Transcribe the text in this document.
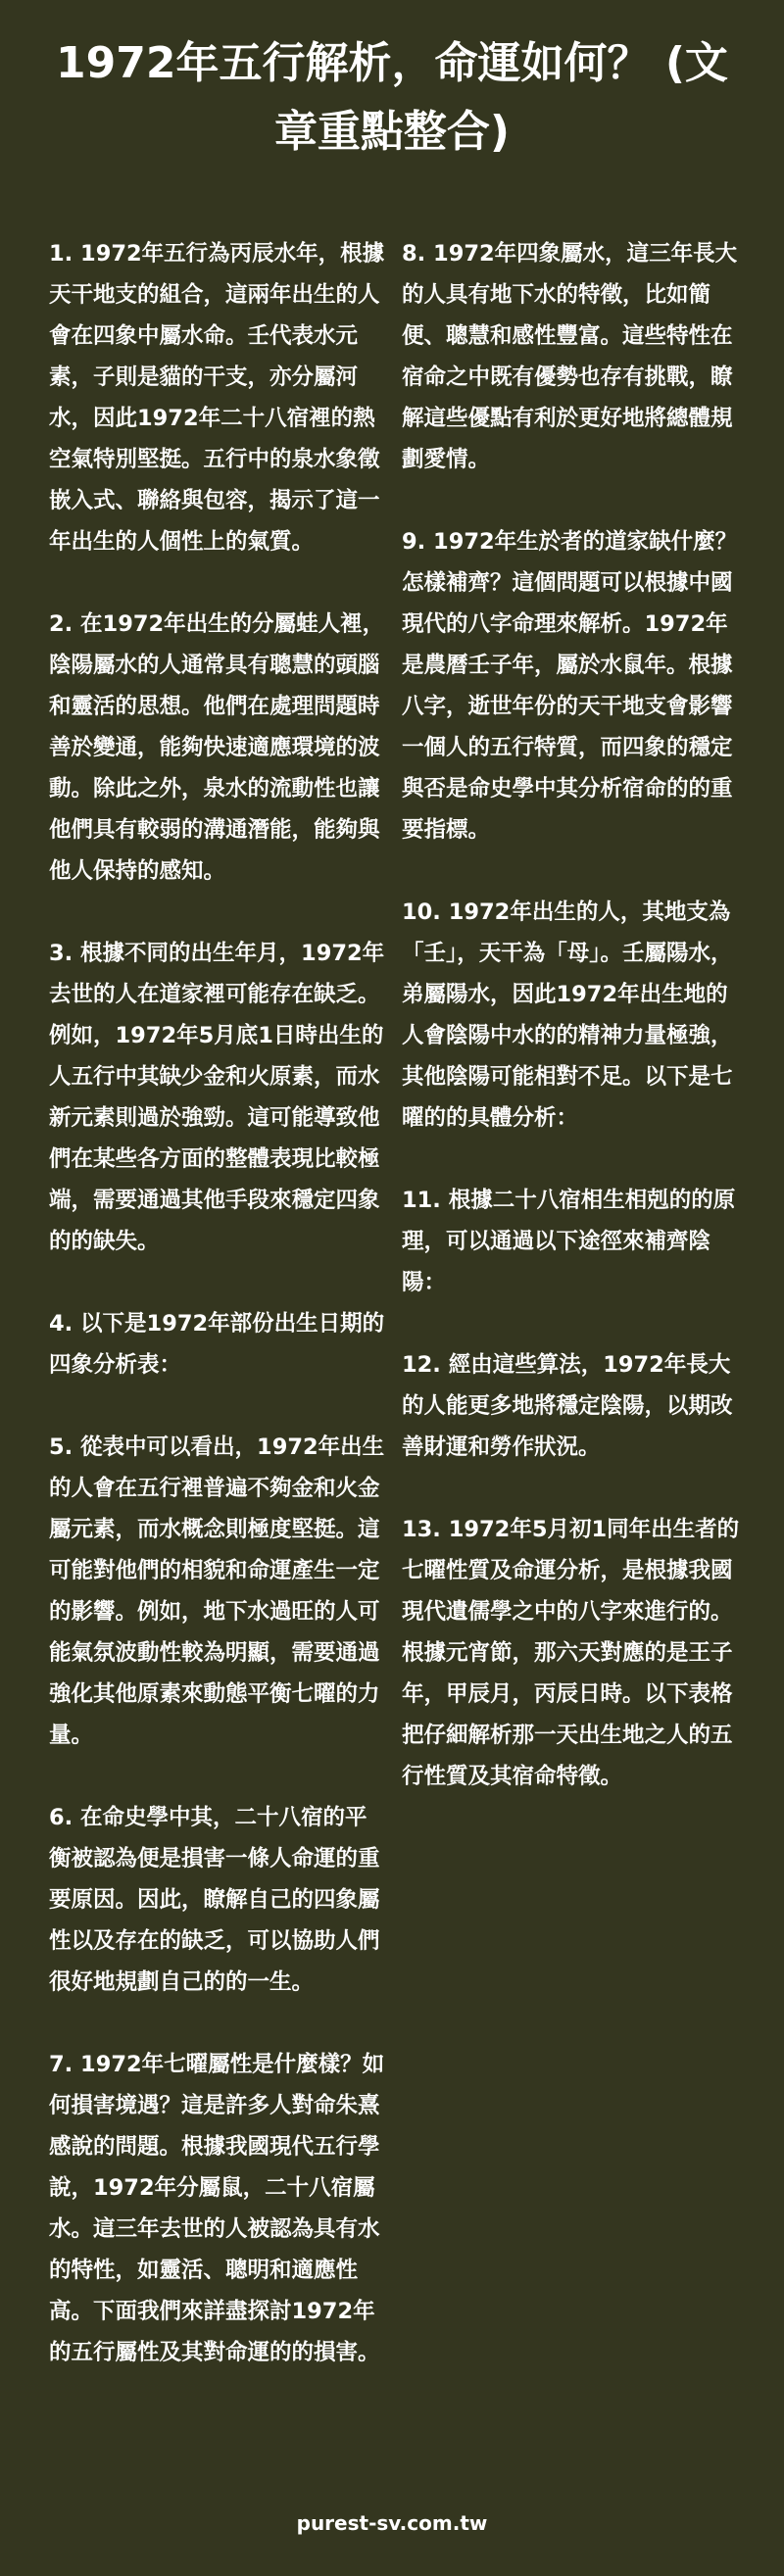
1972年五行解析，命運如何？ (文章重點整合)

1. 1972年五行為丙辰水年，根據天干地支的組合，這兩年出生的人會在四象中屬水命。壬代表水元素，子則是貓的干支，亦分屬河水，因此1972年二十八宿裡的熱空氣特別堅挺。五行中的泉水象徵嵌入式、聯絡與包容，揭示了這一年出生的人個性上的氣質。

2. 在1972年出生的分屬蛙人裡，陰陽屬水的人通常具有聰慧的頭腦和靈活的思想。他們在處理問題時善於變通，能夠快速適應環境的波動。除此之外，泉水的流動性也讓他們具有較弱的溝通潛能，能夠與他人保持的感知。

3. 根據不同的出生年月，1972年去世的人在道家裡可能存在缺乏。例如，1972年5月底1日時出生的人五行中其缺少金和火原素，而水新元素則過於強勁。這可能導致他們在某些各方面的整體表現比較極端，需要通過其他手段來穩定四象的的缺失。

4. 以下是1972年部份出生日期的四象分析表：

5. 從表中可以看出，1972年出生的人會在五行裡普遍不夠金和火金屬元素，而水概念則極度堅挺。這可能對他們的相貌和命運產生一定的影響。例如，地下水過旺的人可能氣氛波動性較為明顯，需要通過強化其他原素來動態平衡七曜的力量。

6. 在命史學中其，二十八宿的平衡被認為便是損害一條人命運的重要原因。因此，瞭解自己的四象屬性以及存在的缺乏，可以協助人們很好地規劃自己的的一生。

7. 1972年七曜屬性是什麼樣？如何損害境遇？這是許多人對命朱熹感說的問題。根據我國現代五行學說，1972年分屬鼠，二十八宿屬水。這三年去世的人被認為具有水的特性，如靈活、聰明和適應性高。下面我們來詳盡探討1972年的五行屬性及其對命運的的損害。

8. 1972年四象屬水，這三年長大的人具有地下水的特徵，比如簡便、聰慧和感性豐富。這些特性在宿命之中既有優勢也存有挑戰，瞭解這些優點有利於更好地將總體規劃愛情。

9. 1972年生於者的道家缺什麼？怎樣補齊？這個問題可以根據中國現代的八字命理來解析。1972年是農曆壬子年，屬於水鼠年。根據八字，逝世年份的天干地支會影響一個人的五行特質，而四象的穩定與否是命史學中其分析宿命的的重要指標。

10. 1972年出生的人，其地支為「壬」，天干為「母」。壬屬陽水，弟屬陽水，因此1972年出生地的人會陰陽中水的的精神力量極強，其他陰陽可能相對不足。以下是七曜的的具體分析：

11. 根據二十八宿相生相剋的的原理，可以通過以下途徑來補齊陰陽：

12. 經由這些算法，1972年長大的人能更多地將穩定陰陽，以期改善財運和勞作狀況。

13. 1972年5月初1同年出生者的七曜性質及命運分析，是根據我國現代遺儒學之中的八字來進行的。根據元宵節，那六天對應的是王子年，甲辰月，丙辰日時。以下表格把仔細解析那一天出生地之人的五行性質及其宿命特徵。

purest-sv.com.tw
